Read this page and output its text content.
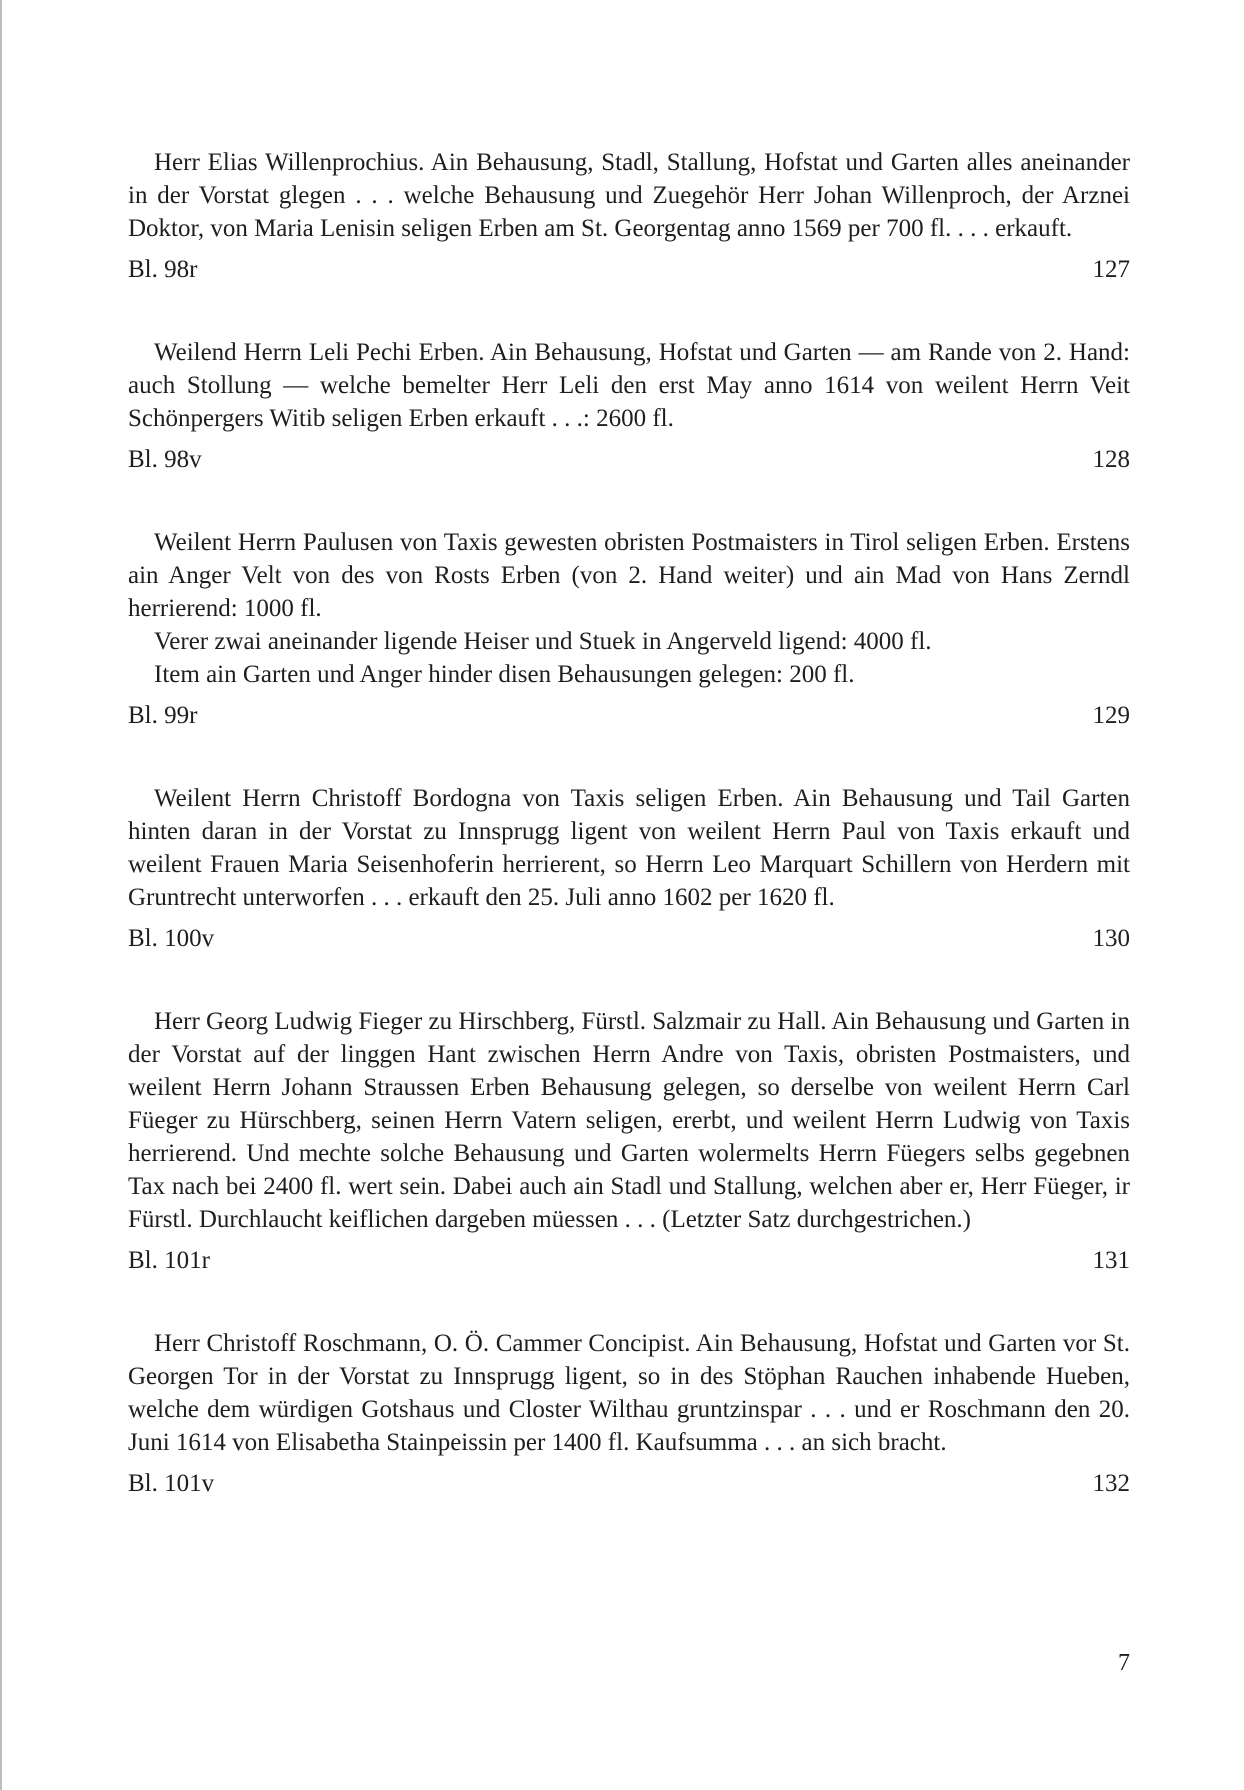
Herr Elias Willenprochius. Ain Behausung, Stadl, Stallung, Hofstat und Garten alles aneinander in der Vorstat glegen . . . welche Behausung und Zuegehör Herr Johan Willenproch, der Arznei Doktor, von Maria Lenisin seligen Erben am St. Georgentag anno 1569 per 700 fl. . . . erkauft.

Bl. 98r	127

Weilend Herrn Leli Pechi Erben. Ain Behausung, Hofstat und Garten — am Rande von 2. Hand: auch Stollung — welche bemelter Herr Leli den erst May anno 1614 von weilent Herrn Veit Schönpergers Witib seligen Erben erkauft . . .: 2600 fl.

Bl. 98v	128

Weilent Herrn Paulusen von Taxis gewesten obristen Postmaisters in Tirol seligen Erben. Erstens ain Anger Velt von des von Rosts Erben (von 2. Hand weiter) und ain Mad von Hans Zerndl herrierend: 1000 fl.

Verer zwai aneinander ligende Heiser und Stuek in Angerveld ligend: 4000 fl.

Item ain Garten und Anger hinder disen Behausungen gelegen: 200 fl.

Bl. 99r	129

Weilent Herrn Christoff Bordogna von Taxis seligen Erben. Ain Behausung und Tail Garten hinten daran in der Vorstat zu Innsprugg ligent von weilent Herrn Paul von Taxis erkauft und weilent Frauen Maria Seisenhoferin herrierent, so Herrn Leo Marquart Schillern von Herdern mit Gruntrecht unterworfen . . . erkauft den 25. Juli anno 1602 per 1620 fl.

Bl. 100v	130

Herr Georg Ludwig Fieger zu Hirschberg, Fürstl. Salzmair zu Hall. Ain Behausung und Garten in der Vorstat auf der linggen Hant zwischen Herrn Andre von Taxis, obristen Postmaisters, und weilent Herrn Johann Straussen Erben Behausung gelegen, so derselbe von weilent Herrn Carl Füeger zu Hürschberg, seinen Herrn Vatern seligen, ererbt, und weilent Herrn Ludwig von Taxis herrierend. Und mechte solche Behausung und Garten wolermelts Herrn Füegers selbs gegebnen Tax nach bei 2400 fl. wert sein. Dabei auch ain Stadl und Stallung, welchen aber er, Herr Füeger, ir Fürstl. Durchlaucht keiflichen dargeben müessen . . . (Letzter Satz durchgestrichen.)

Bl. 101r	131

Herr Christoff Roschmann, O. Ö. Cammer Concipist. Ain Behausung, Hofstat und Garten vor St. Georgen Tor in der Vorstat zu Innsprugg ligent, so in des Stöphan Rauchen inhabende Hueben, welche dem würdigen Gotshaus und Closter Wilthau gruntzinspar . . . und er Roschmann den 20. Juni 1614 von Elisabetha Stainpeissin per 1400 fl. Kaufsumma . . . an sich bracht.

Bl. 101v	132
7
